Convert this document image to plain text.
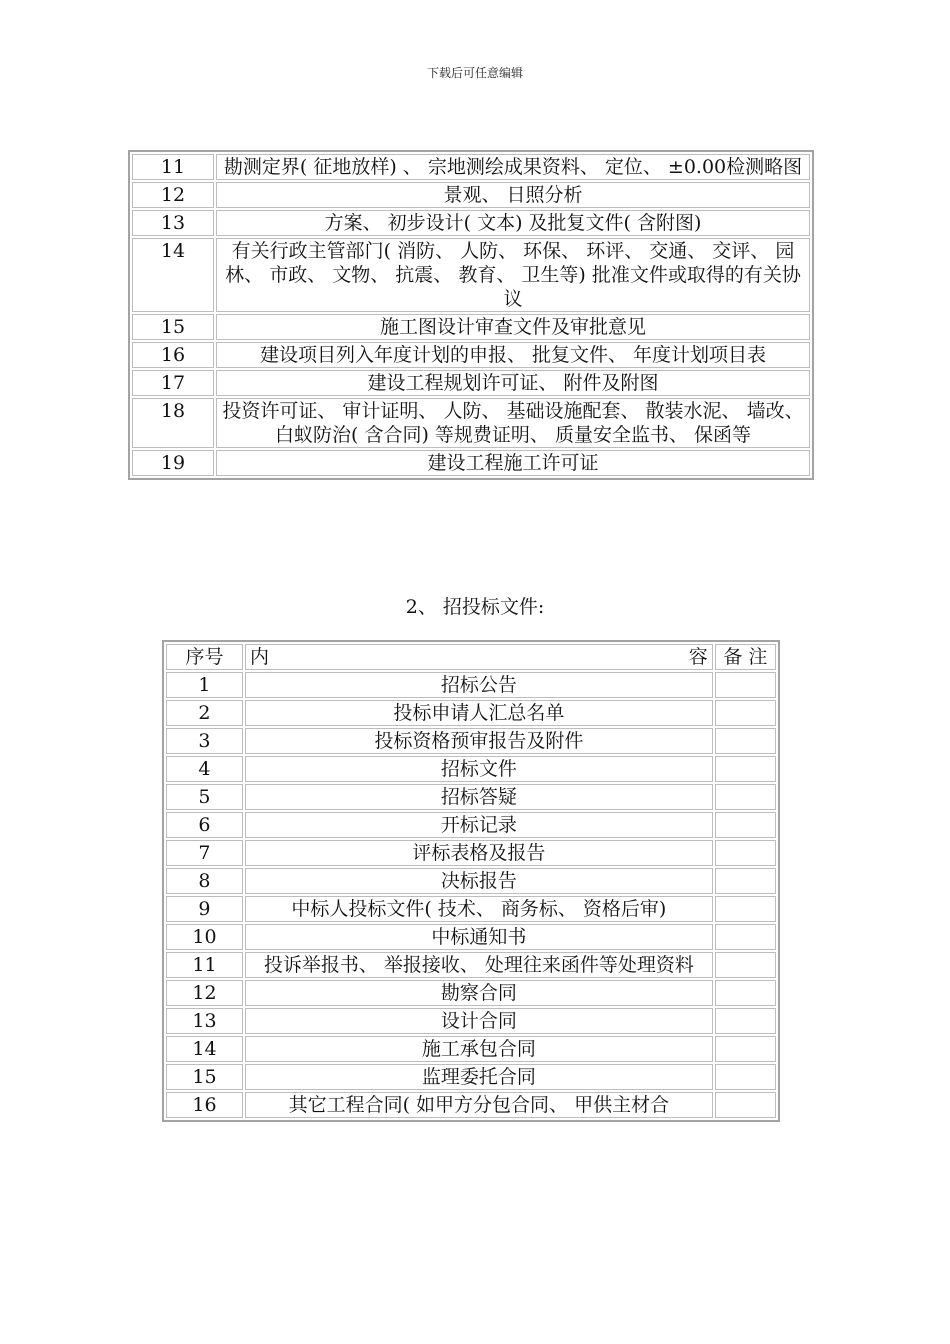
下载后可任意编辑
11	勘测定界( 征地放样) 、 宗地测绘成果资料、 定位、 ±0.00检测略图
12	景观、 日照分析
13	方案、 初步设计( 文本) 及批复文件( 含附图)
14	有关行政主管部门( 消防、 人防、 环保、 环评、 交通、 交评、 园林、 市政、 文物、 抗震、 教育、 卫生等) 批准文件或取得的有关协议
15	施工图设计审查文件及审批意见
16	建设项目列入年度计划的申报、 批复文件、 年度计划项目表
17	建设工程规划许可证、 附件及附图
18	投资许可证、 审计证明、 人防、 基础设施配套、 散装水泥、 墙改、 白蚁防治( 含合同) 等规费证明、 质量安全监书、 保函等
19	建设工程施工许可证
2、 招投标文件:
序号	内 容	备 注
1	招标公告	
2	投标申请人汇总名单	
3	投标资格预审报告及附件	
4	招标文件	
5	招标答疑	
6	开标记录	
7	评标表格及报告	
8	决标报告	
9	中标人投标文件( 技术、 商务标、 资格后审)	
10	中标通知书	
11	投诉举报书、 举报接收、 处理往来函件等处理资料	
12	勘察合同	
13	设计合同	
14	施工承包合同	
15	监理委托合同	
16	其它工程合同( 如甲方分包合同、 甲供主材合	
